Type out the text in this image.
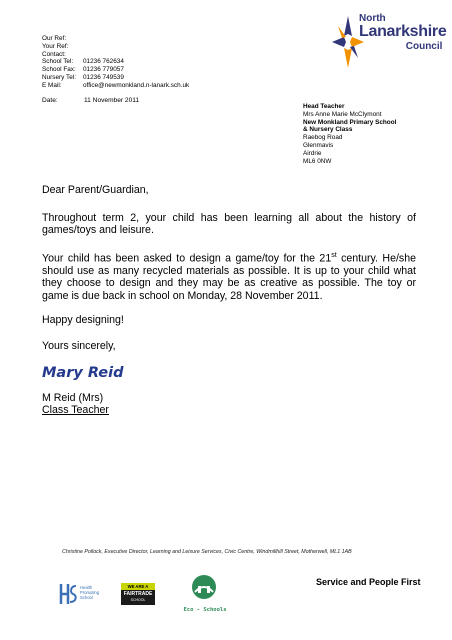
Our Ref:
Your Ref:
Contact:
School Tel:	01236 762634
School Fax:	01236 779057
Nursery Tel:	01236 749539
E Mail:	office@newmonkland.n-lanark.sch.uk
Date:	11 November 2011
North
Lanarkshire
Council
Head Teacher
Mrs Anne Marie McClymont
New Monkland Primary School
& Nursery Class
Raebog Road
Glenmavis
Airdrie
ML6 0NW
Dear Parent/Guardian,
Throughout term 2, your child has been learning all about the history of games/toys and leisure.
Your child has been asked to design a game/toy for the 21st century. He/she should use as many recycled materials as possible. It is up to your child what they choose to design and they may be as creative as possible. The toy or game is due back in school on Monday, 28 November 2011.
Happy designing!
Yours sincerely,
Mary Reid
M Reid (Mrs)
Class Teacher
Christine Pollock, Executive Director, Learning and Leisure Services, Civic Centre, Windmillhill Street, Motherwell, ML1 1AB
Service and People First
Health
Promoting
School
WE ARE A
FAIRTRADE
SCHOOL
Eco - Schools
